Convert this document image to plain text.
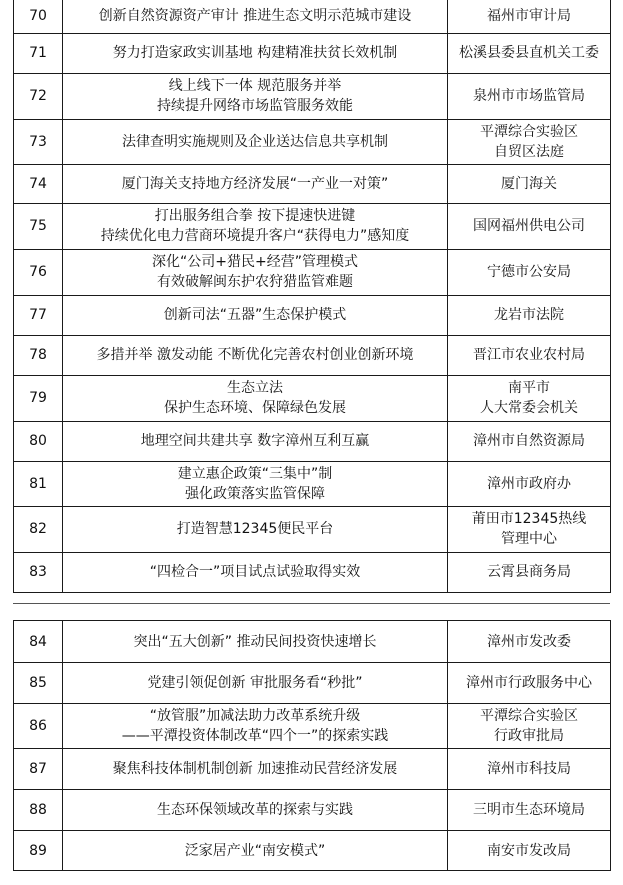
70	创新自然资源资产审计 推进生态文明示范城市建设	福州市审计局

71	努力打造家政实训基地 构建精准扶贫长效机制	松溪县委县直机关工委

72	线上线下一体 规范服务并举
持续提升网络市场监管服务效能	泉州市市场监管局

73	法律查明实施规则及企业送达信息共享机制	平潭综合实验区
自贸区法庭

74	厦门海关支持地方经济发展“一产业一对策”	厦门海关

75	打出服务组合拳 按下提速快进键
持续优化电力营商环境提升客户“获得电力”感知度	国网福州供电公司

76	深化“公司+猎民+经营”管理模式
有效破解闽东护农狩猎监管难题	宁德市公安局

77	创新司法“五器”生态保护模式	龙岩市法院

78	多措并举 激发动能 不断优化完善农村创业创新环境	晋江市农业农村局

79	生态立法
保护生态环境、保障绿色发展	南平市
人大常委会机关

80	地理空间共建共享 数字漳州互利互赢	漳州市自然资源局

81	建立惠企政策“三集中”制
强化政策落实监管保障	漳州市政府办

82	打造智慧12345便民平台	莆田市12345热线
管理中心

83	“四检合一”项目试点试验取得实效	云霄县商务局
84	突出“五大创新” 推动民间投资快速增长	漳州市发改委

85	党建引领促创新 审批服务看“秒批”	漳州市行政服务中心

86	“放管服”加减法助力改革系统升级
——平潭投资体制改革“四个一”的探索实践	平潭综合实验区
行政审批局

87	聚焦科技体制机制创新 加速推动民营经济发展	漳州市科技局

88	生态环保领域改革的探索与实践	三明市生态环境局

89	泛家居产业“南安模式”	南安市发改局
